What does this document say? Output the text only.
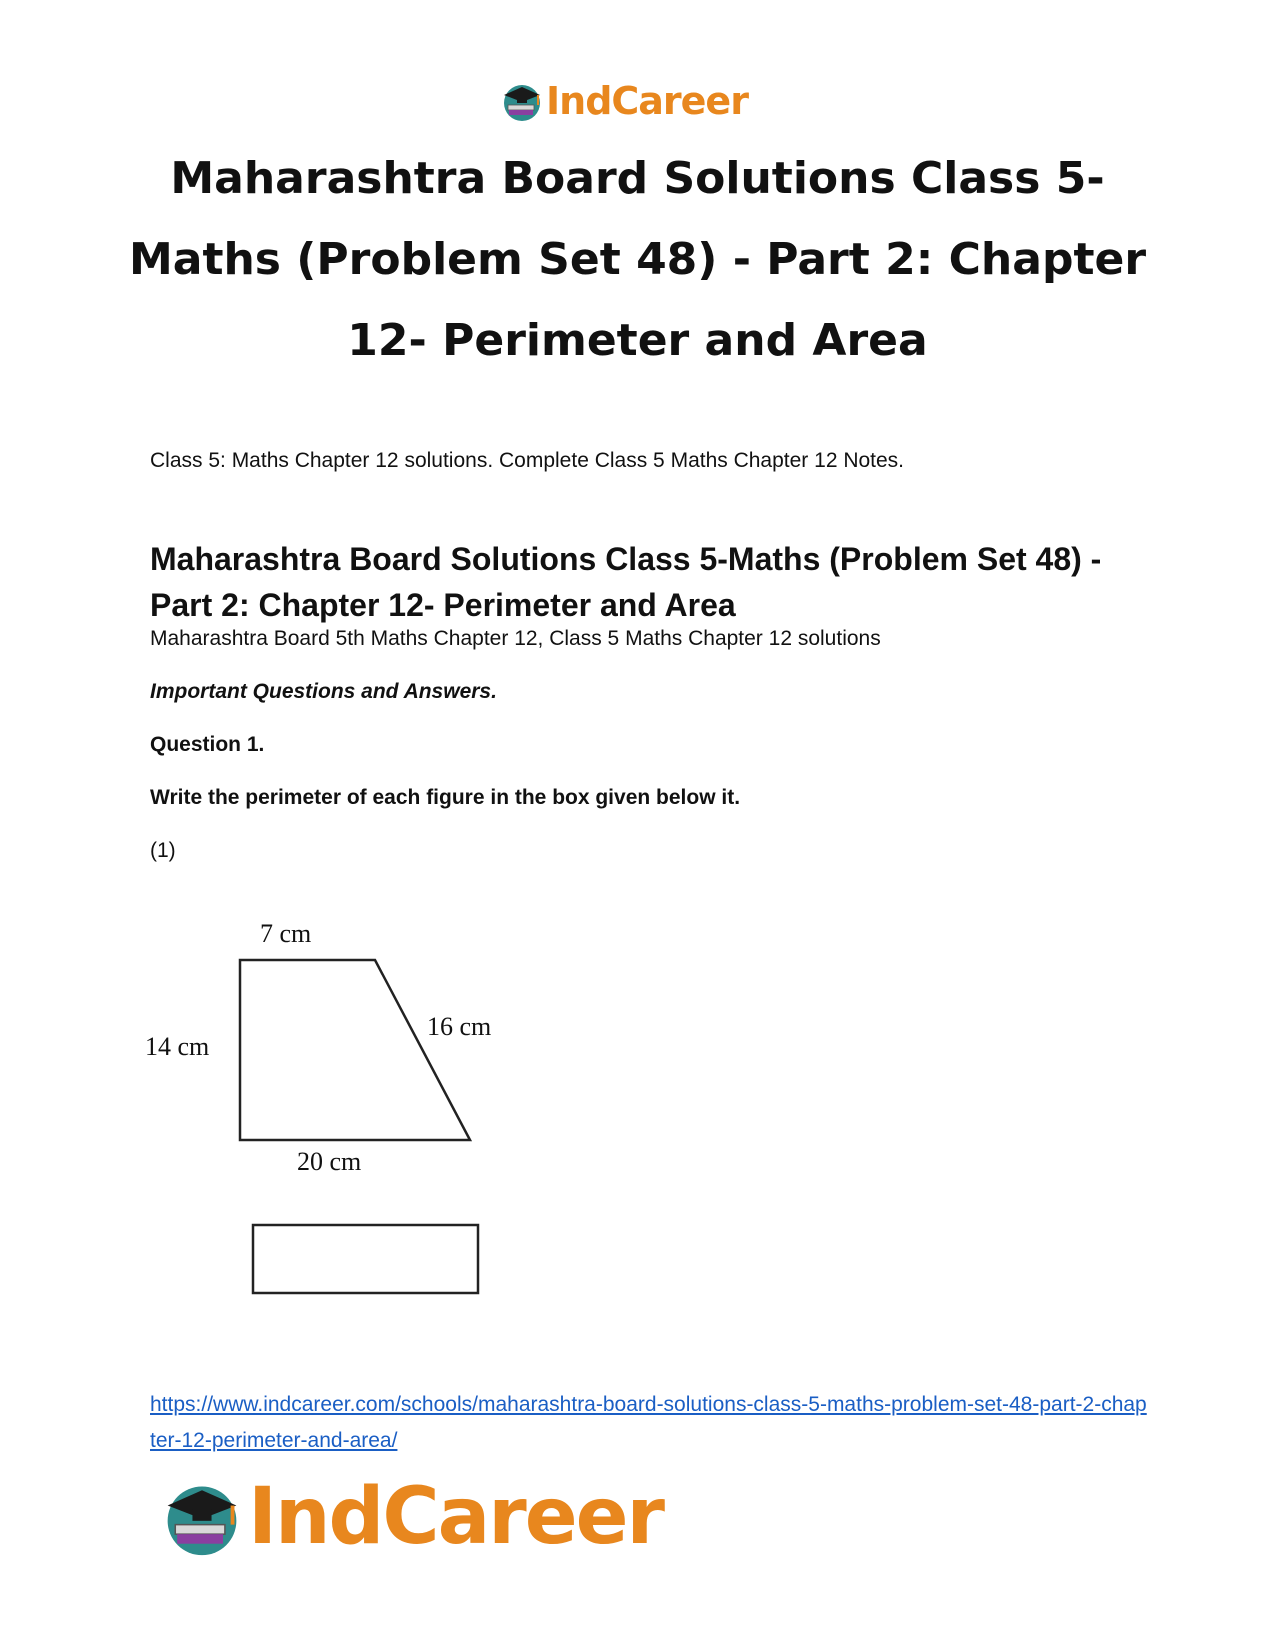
IndCareer
Maharashtra Board Solutions Class 5-Maths (Problem Set 48) - Part 2: Chapter 12- Perimeter and Area

Class 5: Maths Chapter 12 solutions. Complete Class 5 Maths Chapter 12 Notes.

Maharashtra Board Solutions Class 5-Maths (Problem Set 48) - Part 2: Chapter 12- Perimeter and Area

Maharashtra Board 5th Maths Chapter 12, Class 5 Maths Chapter 12 solutions

Important Questions and Answers.

Question 1.

Write the perimeter of each figure in the box given below it.

(1)

7 cm
14 cm
16 cm
20 cm

https://www.indcareer.com/schools/maharashtra-board-solutions-class-5-maths-problem-set-48-part-2-chapter-12-perimeter-and-area/

IndCareer
